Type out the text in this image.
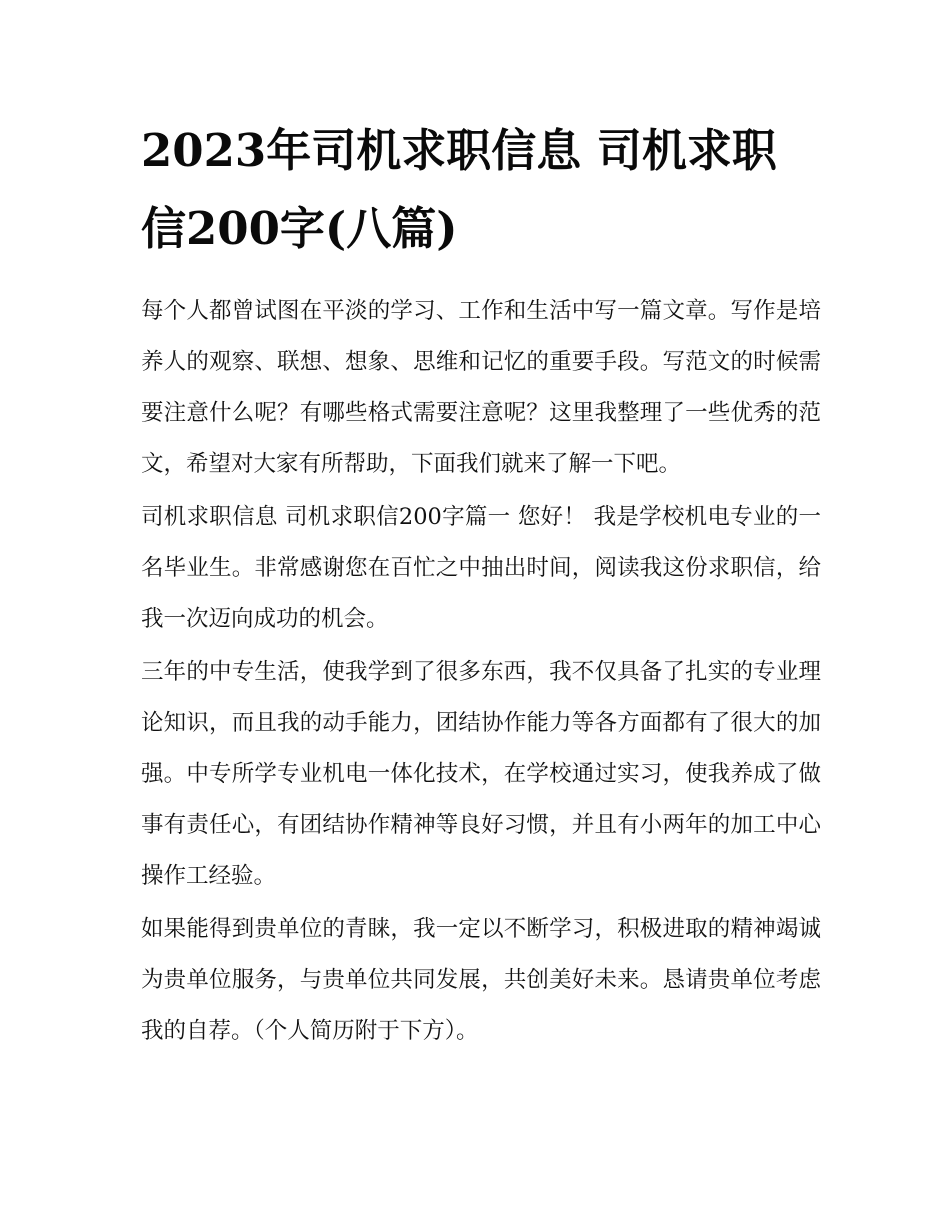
2023年司机求职信息 司机求职信200字(八篇)

每个人都曾试图在平淡的学习、工作和生活中写一篇文章。写作是培养人的观察、联想、想象、思维和记忆的重要手段。写范文的时候需要注意什么呢？有哪些格式需要注意呢？这里我整理了一些优秀的范文，希望对大家有所帮助，下面我们就来了解一下吧。

司机求职信息 司机求职信200字篇一 您好！ 我是学校机电专业的一名毕业生。非常感谢您在百忙之中抽出时间，阅读我这份求职信，给我一次迈向成功的机会。

三年的中专生活，使我学到了很多东西，我不仅具备了扎实的专业理论知识，而且我的动手能力，团结协作能力等各方面都有了很大的加强。中专所学专业机电一体化技术，在学校通过实习，使我养成了做事有责任心，有团结协作精神等良好习惯，并且有小两年的加工中心操作工经验。

如果能得到贵单位的青睐，我一定以不断学习，积极进取的精神竭诚为贵单位服务，与贵单位共同发展，共创美好未来。恳请贵单位考虑我的自荐。（个人简历附于下方）。
